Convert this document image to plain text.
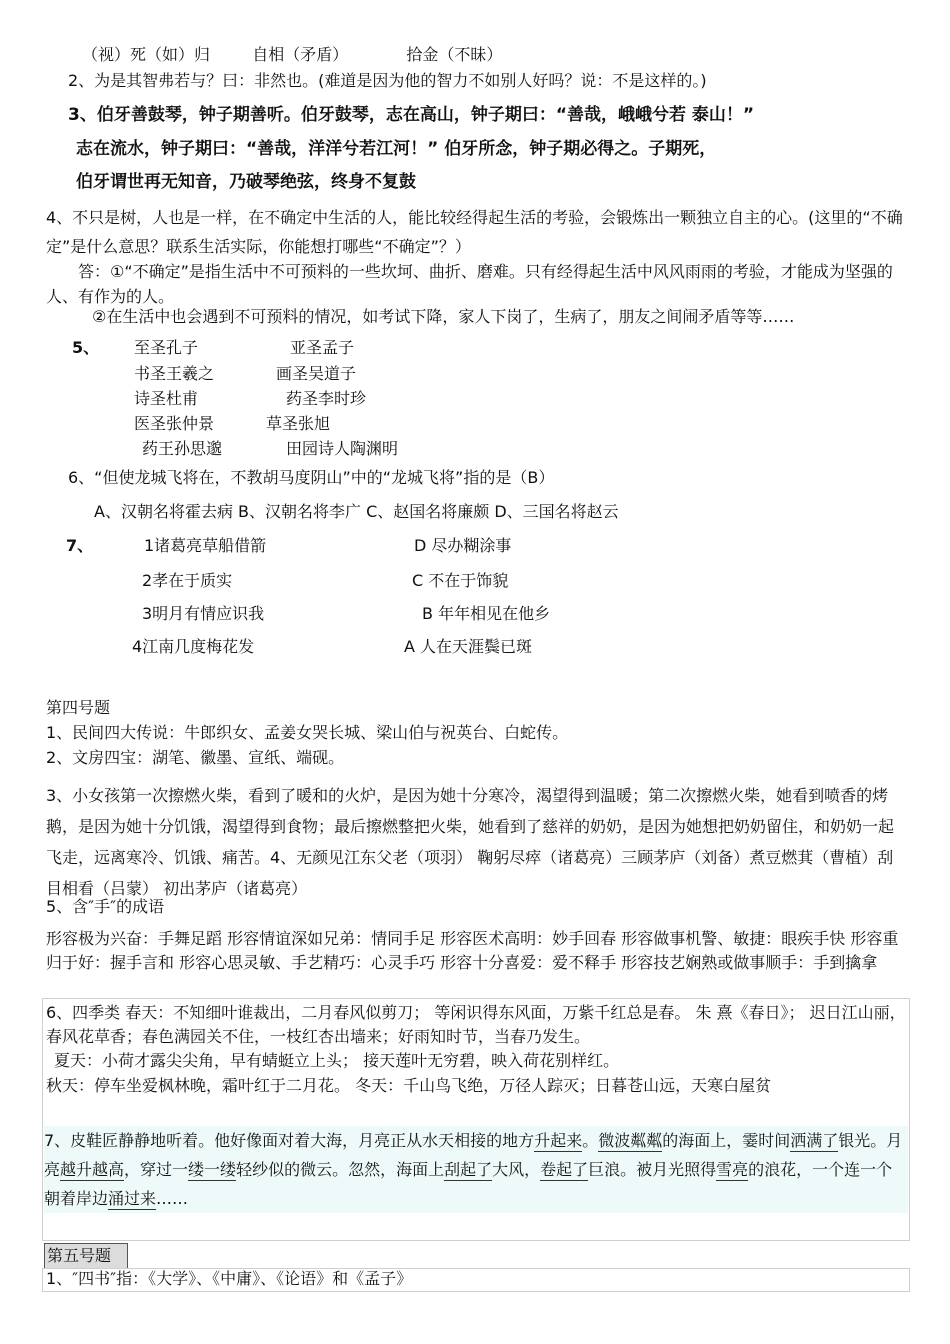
（视）死（如）归	自相（矛盾）	拾金（不昧）
2、为是其智弗若与？曰：非然也。(难道是因为他的智力不如别人好吗？说：不是这样的。)
3、伯牙善鼓琴，钟子期善听。伯牙鼓琴，志在高山，钟子期曰：“善哉，峨峨兮若 泰山！”
志在流水，钟子期曰：“善哉，洋洋兮若江河！” 伯牙所念，钟子期必得之。子期死，
伯牙谓世再无知音，乃破琴绝弦，终身不复鼓
4、不只是树，人也是一样，在不确定中生活的人，能比较经得起生活的考验，会锻炼出一颗独立自主的心。(这里的“不确定”是什么意思？联系生活实际，你能想打哪些“不确定”？）
答：①“不确定”是指生活中不可预料的一些坎坷、曲折、磨难。只有经得起生活中风风雨雨的考验，才能成为坚强的人、有作为的人。
②在生活中也会遇到不可预料的情况，如考试下降，家人下岗了，生病了，朋友之间闹矛盾等等……
5、 至圣孔子	亚圣孟子
书圣王羲之	画圣吴道子
诗圣杜甫	药圣李时珍
医圣张仲景	草圣张旭
药王孙思邈	田园诗人陶渊明
6、“但使龙城飞将在，不教胡马度阴山”中的“龙城飞将”指的是（B）
A、汉朝名将霍去病 B、汉朝名将李广 C、赵国名将廉颇 D、三国名将赵云
7、	1诸葛亮草船借箭	D 尽办糊涂事
2孝在于质实	C 不在于饰貌
3明月有情应识我	B 年年相见在他乡
4江南几度梅花发	A 人在天涯鬓已斑
第四号题
1、民间四大传说：牛郎织女、孟姜女哭长城、梁山伯与祝英台、白蛇传。
2、文房四宝：湖笔、徽墨、宣纸、端砚。
3、小女孩第一次擦燃火柴，看到了暖和的火炉，是因为她十分寒冷，渴望得到温暖；第二次擦燃火柴，她看到喷香的烤鹅，是因为她十分饥饿，渴望得到食物；最后擦燃整把火柴，她看到了慈祥的奶奶，是因为她想把奶奶留住，和奶奶一起飞走，远离寒冷、饥饿、痛苦。4、无颜见江东父老（项羽） 鞠躬尽瘁（诸葛亮）三顾茅庐（刘备）煮豆燃萁（曹植）刮目相看（吕蒙） 初出茅庐（诸葛亮）
5、含″手″的成语
形容极为兴奋：手舞足蹈 形容情谊深如兄弟：情同手足 形容医术高明：妙手回春 形容做事机警、敏捷：眼疾手快 形容重归于好：握手言和 形容心思灵敏、手艺精巧：心灵手巧 形容十分喜爱：爱不释手 形容技艺娴熟或做事顺手：手到擒拿
6、四季类 春天：不知细叶谁裁出，二月春风似剪刀； 等闲识得东风面，万紫千红总是春。 朱 熹《春日》； 迟日江山丽，春风花草香；春色满园关不住，一枝红杏出墙来；好雨知时节，当春乃发生。
夏天：小荷才露尖尖角，早有蜻蜓立上头； 接天莲叶无穷碧，映入荷花别样红。
秋天：停车坐爱枫林晚，霜叶红于二月花。 冬天：千山鸟飞绝，万径人踪灭；日暮苍山远，天寒白屋贫
7、皮鞋匠静静地听着。他好像面对着大海，月亮正从水天相接的地方升起来。微波粼粼的海面上，霎时间洒满了银光。月亮越升越高，穿过一缕一缕轻纱似的微云。忽然，海面上刮起了大风，卷起了巨浪。被月光照得雪亮的浪花，一个连一个朝着岸边涌过来……
第五号题
1、″四书″指：《大学》、《中庸》、《论语》和《孟子》
